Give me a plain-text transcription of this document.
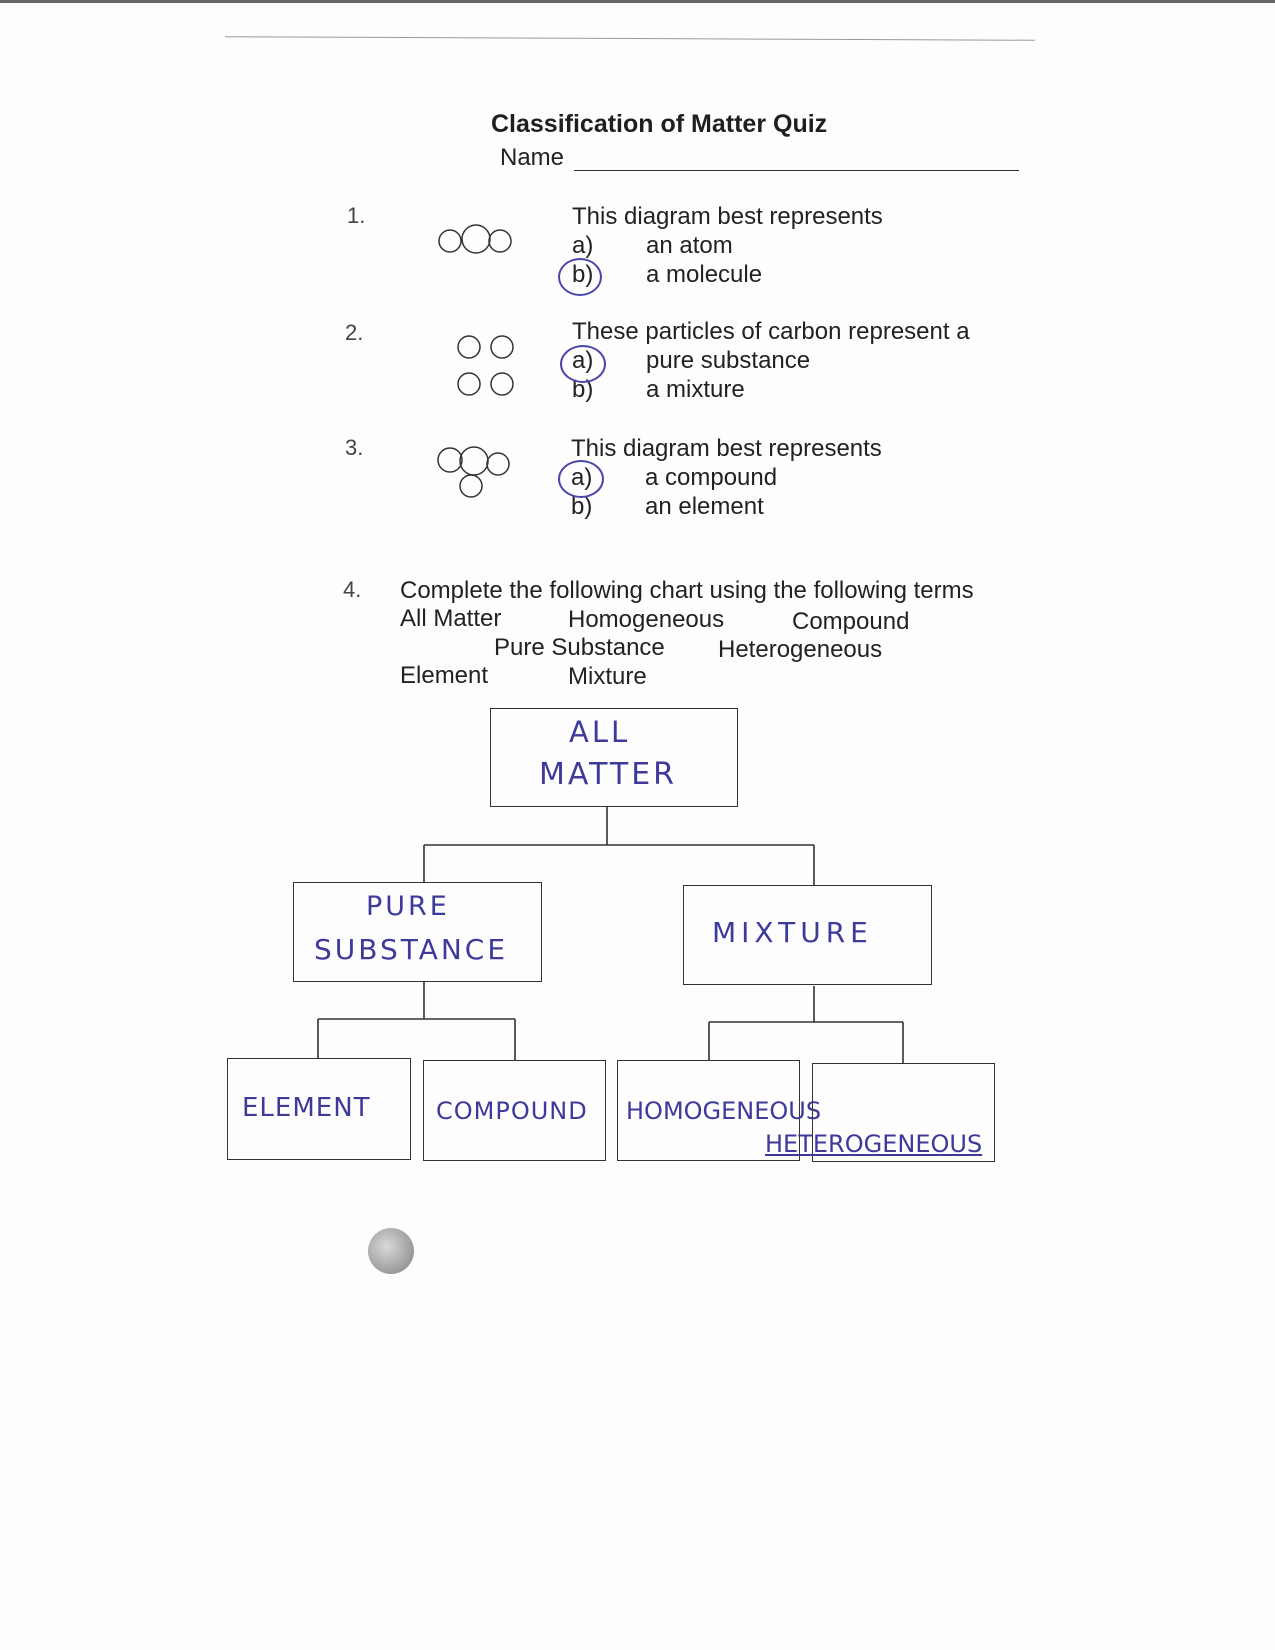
Classification of Matter Quiz
Name
1.	This diagram best represents
a) an atom
b) a molecule
2.	These particles of carbon represent a
a) pure substance
b) a mixture
3.	This diagram best represents
a) a compound
b) an element
4. Complete the following chart using the following terms
All Matter	Homogeneous	Compound
Pure Substance Heterogeneous
Element	Mixture
ALL
MATTER
PURE
SUBSTANCE
MIXTURE
ELEMENT	COMPOUND HOMOGENEOUS
HETEROGENEOUS
